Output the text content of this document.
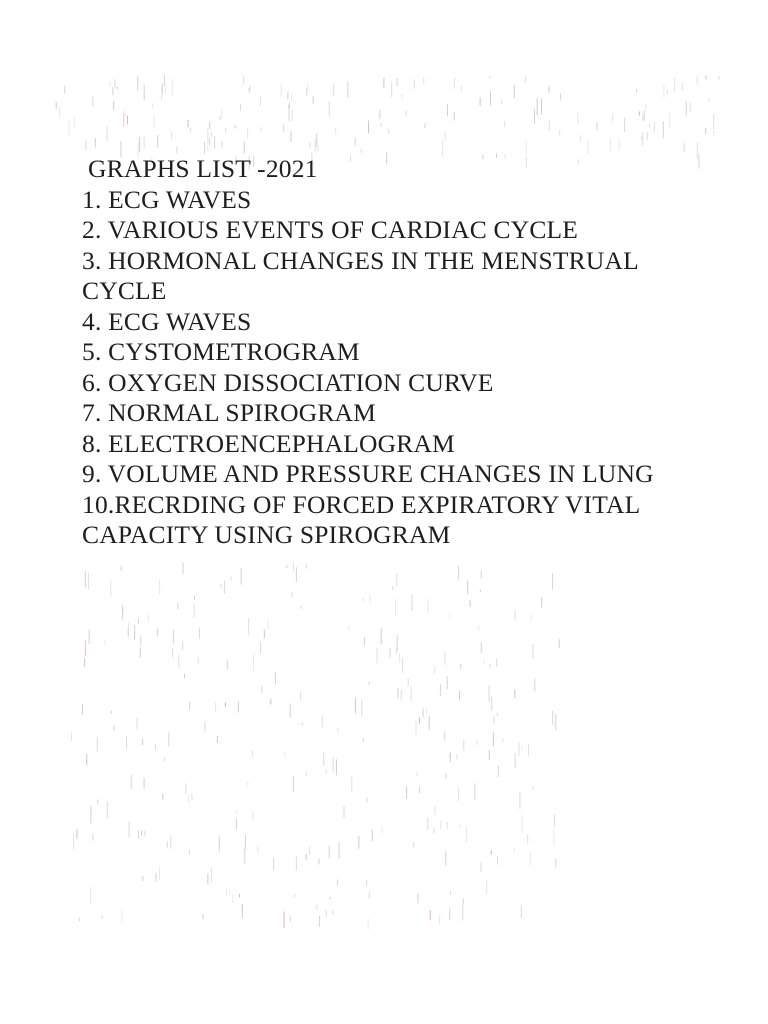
GRAPHS LIST -2021
1. ECG WAVES
2. VARIOUS EVENTS OF CARDIAC CYCLE
3. HORMONAL CHANGES IN THE MENSTRUAL CYCLE
4. ECG WAVES
5. CYSTOMETROGRAM
6. OXYGEN DISSOCIATION CURVE
7. NORMAL SPIROGRAM
8. ELECTROENCEPHALOGRAM
9. VOLUME AND PRESSURE CHANGES IN LUNG
10.RECRDING OF FORCED EXPIRATORY VITAL CAPACITY USING SPIROGRAM
